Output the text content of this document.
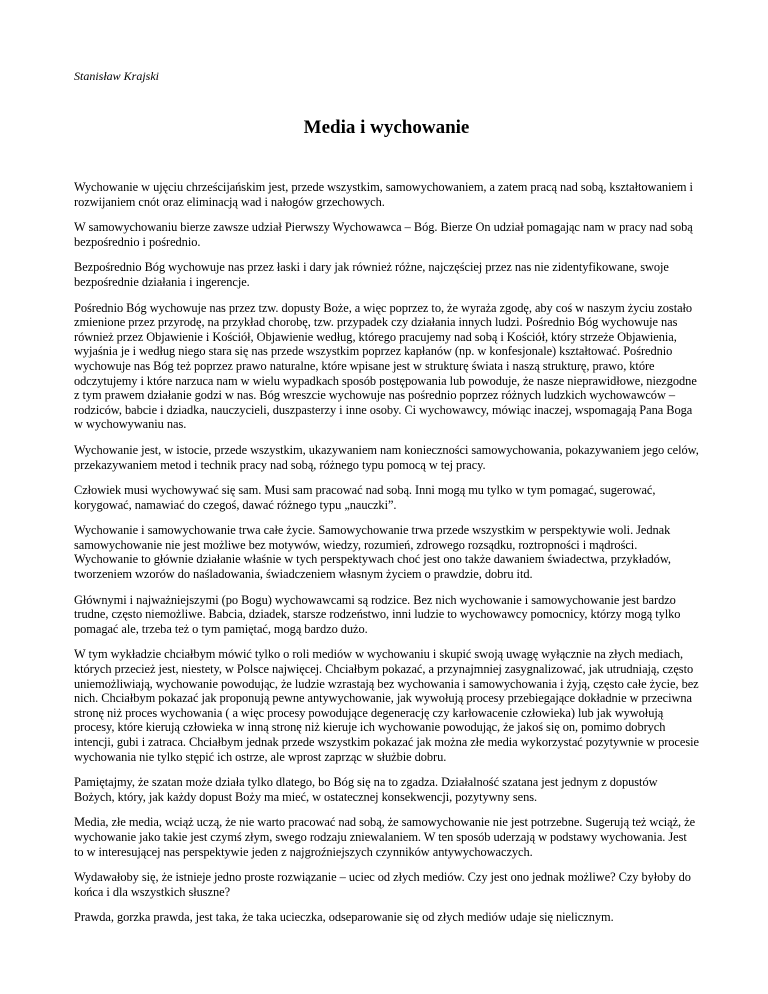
Stanisław Krajski

Media i wychowanie

Wychowanie w ujęciu chrześcijańskim jest, przede wszystkim, samowychowaniem, a zatem pracą nad sobą, kształtowaniem i rozwijaniem cnót oraz eliminacją wad i nałogów grzechowych.

W samowychowaniu bierze zawsze udział Pierwszy Wychowawca – Bóg. Bierze On udział pomagając nam w pracy nad sobą bezpośrednio i pośrednio.

Bezpośrednio Bóg wychowuje nas przez łaski i dary jak również różne, najczęściej przez nas nie zidentyfikowane, swoje bezpośrednie działania i ingerencje.

Pośrednio Bóg wychowuje nas przez tzw. dopusty Boże, a więc poprzez to, że wyraża zgodę, aby coś w naszym życiu zostało zmienione przez przyrodę, na przykład chorobę, tzw. przypadek czy działania innych ludzi. Pośrednio Bóg wychowuje nas również przez Objawienie i Kościół, Objawienie według, którego pracujemy nad sobą i Kościół, który strzeże Objawienia, wyjaśnia je i według niego stara się nas przede wszystkim poprzez kapłanów (np. w konfesjonale) kształtować. Pośrednio wychowuje nas Bóg też poprzez prawo naturalne, które wpisane jest w strukturę świata i naszą strukturę, prawo, które odczytujemy i które narzuca nam w wielu wypadkach sposób postępowania lub powoduje, że nasze nieprawidłowe, niezgodne z tym prawem działanie godzi w nas. Bóg wreszcie wychowuje nas pośrednio poprzez różnych ludzkich wychowawców – rodziców, babcie i dziadka, nauczycieli, duszpasterzy i inne osoby. Ci wychowawcy, mówiąc inaczej, wspomagają Pana Boga w wychowywaniu nas.

Wychowanie jest, w istocie, przede wszystkim, ukazywaniem nam konieczności samowychowania, pokazywaniem jego celów, przekazywaniem metod i technik pracy nad sobą, różnego typu pomocą w tej pracy.

Człowiek musi wychowywać się sam. Musi sam pracować nad sobą. Inni mogą mu tylko w tym pomagać, sugerować, korygować, namawiać do czegoś, dawać różnego typu „nauczki”.

Wychowanie i samowychowanie trwa całe życie. Samowychowanie trwa przede wszystkim w perspektywie woli. Jednak samowychowanie nie jest możliwe bez motywów, wiedzy, rozumień, zdrowego rozsądku, roztropności i mądrości. Wychowanie to głównie działanie właśnie w tych perspektywach choć jest ono także dawaniem świadectwa, przykładów, tworzeniem wzorów do naśladowania, świadczeniem własnym życiem o prawdzie, dobru itd.

Głównymi i najważniejszymi (po Bogu) wychowawcami są rodzice. Bez nich wychowanie i samowychowanie jest bardzo trudne, często niemożliwe. Babcia, dziadek, starsze rodzeństwo, inni ludzie to wychowawcy pomocnicy, którzy mogą tylko pomagać ale, trzeba też o tym pamiętać, mogą bardzo dużo.

W tym wykładzie chciałbym mówić tylko o roli mediów w wychowaniu i skupić swoją uwagę wyłącznie na złych mediach, których przecież jest, niestety, w Polsce najwięcej. Chciałbym pokazać, a przynajmniej zasygnalizować, jak utrudniają, często uniemożliwiają, wychowanie powodując, że ludzie wzrastają bez wychowania i samowychowania i żyją, często całe życie, bez nich. Chciałbym pokazać jak proponują pewne antywychowanie, jak wywołują procesy przebiegające dokładnie w przeciwna stronę niż proces wychowania ( a więc procesy powodujące degenerację czy karłowacenie człowieka) lub jak wywołują procesy, które kierują człowieka w inną stronę niż kieruje ich wychowanie powodując, że jakoś się on, pomimo dobrych intencji, gubi i zatraca. Chciałbym jednak przede wszystkim pokazać jak można złe media wykorzystać pozytywnie w procesie wychowania nie tylko stępić ich ostrze, ale wprost zaprząc w służbie dobru.

Pamiętajmy, że szatan może działa tylko dlatego, bo Bóg się na to zgadza. Działalność szatana jest jednym z dopustów Bożych, który, jak każdy dopust Boży ma mieć, w ostatecznej konsekwencji, pozytywny sens.

Media, złe media, wciąż uczą, że nie warto pracować nad sobą, że samowychowanie nie jest potrzebne. Sugerują też wciąż, że wychowanie jako takie jest czymś złym, swego rodzaju zniewalaniem. W ten sposób uderzają w podstawy wychowania. Jest to w interesującej nas perspektywie jeden z najgroźniejszych czynników antywychowaczych.

Wydawałoby się, że istnieje jedno proste rozwiązanie – uciec od złych mediów. Czy jest ono jednak możliwe? Czy byłoby do końca i dla wszystkich słuszne?

Prawda, gorzka prawda, jest taka, że taka ucieczka, odseparowanie się od złych mediów udaje się nielicznym.
